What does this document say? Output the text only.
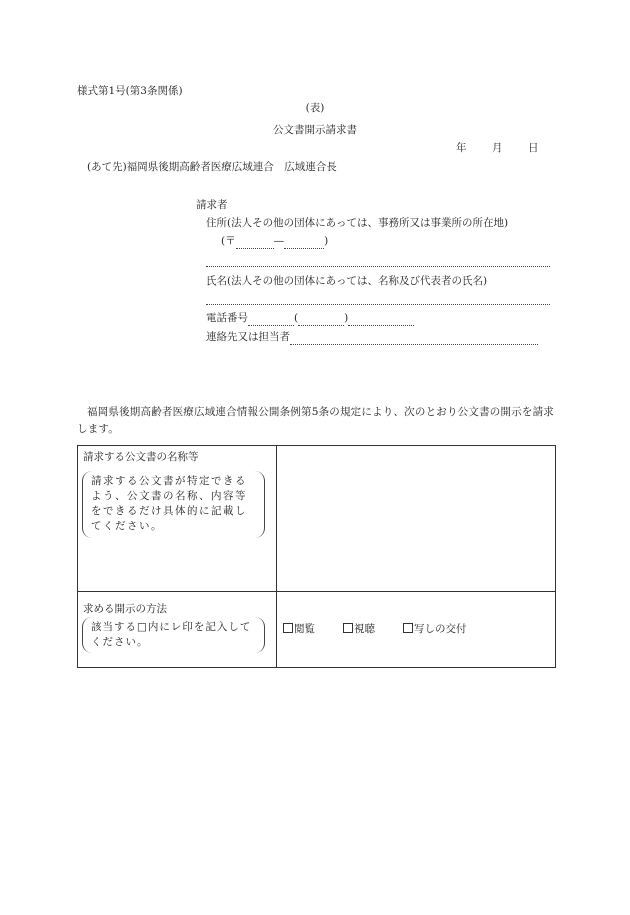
様式第1号(第3条関係)
(表)
公文書開示請求書
年 月 日
(あて先)福岡県後期高齢者医療広域連合　広域連合長
請求者
住所(法人その他の団体にあっては、事務所又は事業所の所在地)
(〒	—	)
氏名(法人その他の団体にあっては、名称及び代表者の氏名)
電話番号	(	)
連絡先又は担当者
福岡県後期高齢者医療広域連合情報公開条例第5条の規定により、次のとおり公文書の開示を請求します。
請求する公文書の名称等
請求する公文書が特定できるよう、公文書の名称、内容等をできるだけ具体的に記載してください。	

求める開示の方法
該当する□内にレ印を記入してください。	閲覧 視聴 写しの交付
